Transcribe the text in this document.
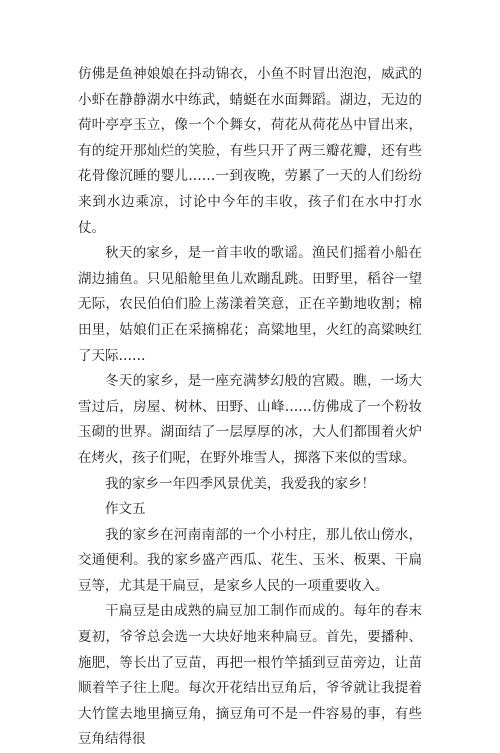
仿佛是鱼神娘娘在抖动锦衣，小鱼不时冒出泡泡，威武的小虾在静静湖水中练武，蜻蜓在水面舞蹈。湖边，无边的荷叶亭亭玉立，像一个个舞女，荷花从荷花丛中冒出来，有的绽开那灿烂的笑脸，有些只开了两三瓣花瓣，还有些花骨像沉睡的婴儿……一到夜晚，劳累了一天的人们纷纷来到水边乘凉，讨论中今年的丰收，孩子们在水中打水仗。

秋天的家乡，是一首丰收的歌谣。渔民们摇着小船在湖边捕鱼。只见船舱里鱼儿欢蹦乱跳。田野里，稻谷一望无际，农民伯伯们脸上荡漾着笑意，正在辛勤地收割；棉田里，姑娘们正在采摘棉花；高粱地里，火红的高粱映红了天际……

冬天的家乡，是一座充满梦幻般的宫殿。瞧，一场大雪过后，房屋、树林、田野、山峰……仿佛成了一个粉妆玉砌的世界。湖面结了一层厚厚的冰，大人们都围着火炉在烤火，孩子们呢，在野外堆雪人，掷落下来似的雪球。

我的家乡一年四季风景优美，我爱我的家乡！

作文五

我的家乡在河南南部的一个小村庄，那儿依山傍水，交通便利。我的家乡盛产西瓜、花生、玉米、板栗、干扁豆等，尤其是干扁豆，是家乡人民的一项重要收入。

干扁豆是由成熟的扁豆加工制作而成的。每年的春末夏初，爷爷总会选一大块好地来种扁豆。首先，要播种、施肥，等长出了豆苗，再把一根竹竿插到豆苗旁边，让苗顺着竿子往上爬。每次开花结出豆角后，爷爷就让我提着大竹筐去地里摘豆角，摘豆角可不是一件容易的事，有些豆角结得很
